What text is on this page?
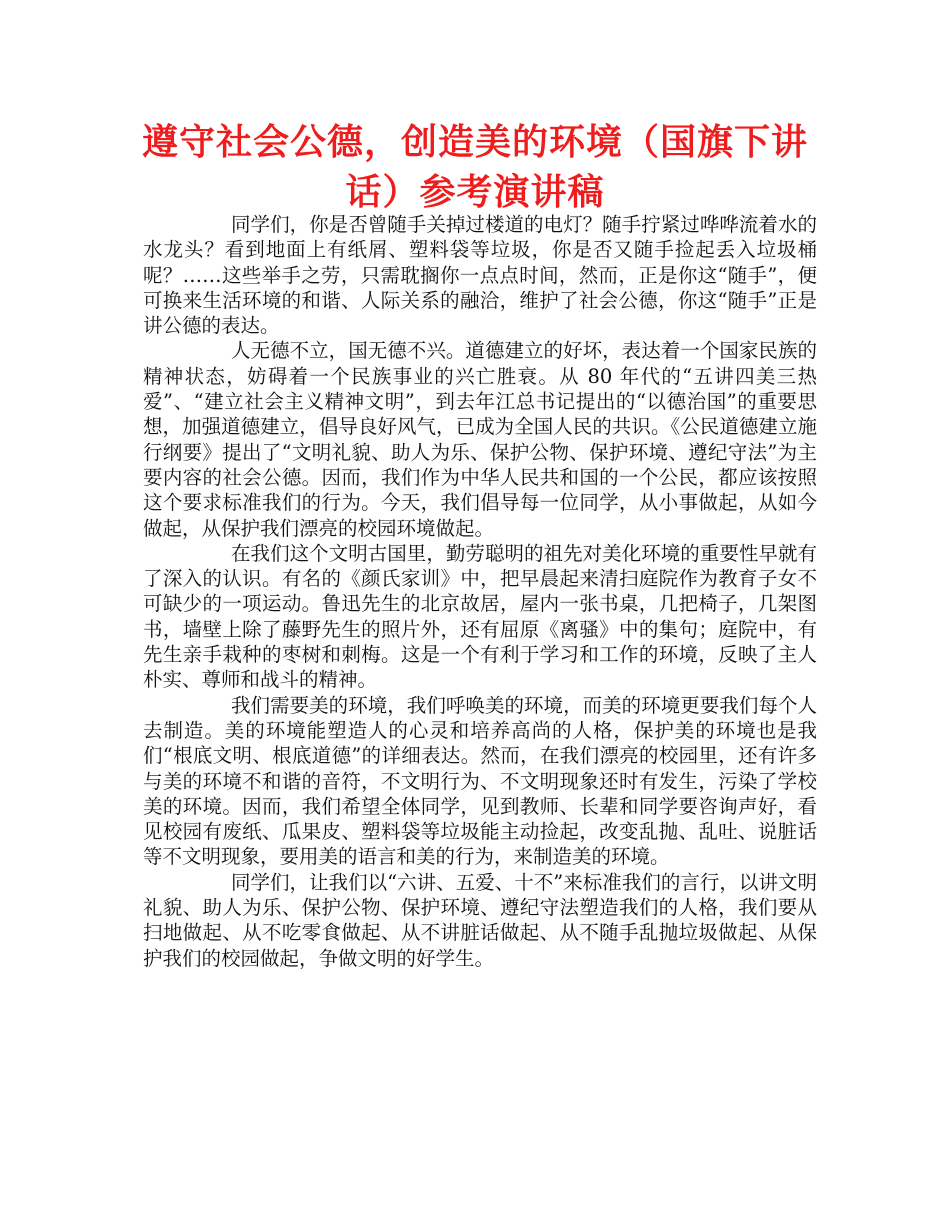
遵守社会公德，创造美的环境（国旗下讲话）参考演讲稿

同学们，你是否曾随手关掉过楼道的电灯？随手拧紧过哗哗流着水的水龙头？看到地面上有纸屑、塑料袋等垃圾，你是否又随手捡起丢入垃圾桶呢？……这些举手之劳，只需耽搁你一点点时间，然而，正是你这“随手”，便可换来生活环境的和谐、人际关系的融洽，维护了社会公德，你这“随手”正是讲公德的表达。

人无德不立，国无德不兴。道德建立的好坏，表达着一个国家民族的精神状态，妨碍着一个民族事业的兴亡胜衰。从 80 年代的“五讲四美三热爱”、“建立社会主义精神文明”，到去年江总书记提出的“以德治国”的重要思想，加强道德建立，倡导良好风气，已成为全国人民的共识。《公民道德建立施行纲要》提出了“文明礼貌、助人为乐、保护公物、保护环境、遵纪守法”为主要内容的社会公德。因而，我们作为中华人民共和国的一个公民，都应该按照这个要求标准我们的行为。今天，我们倡导每一位同学，从小事做起，从如今做起，从保护我们漂亮的校园环境做起。

在我们这个文明古国里，勤劳聪明的祖先对美化环境的重要性早就有了深入的认识。有名的《颜氏家训》中，把早晨起来清扫庭院作为教育子女不可缺少的一项运动。鲁迅先生的北京故居，屋内一张书桌，几把椅子，几架图书，墙壁上除了藤野先生的照片外，还有屈原《离骚》中的集句；庭院中，有先生亲手栽种的枣树和刺梅。这是一个有利于学习和工作的环境，反映了主人朴实、尊师和战斗的精神。

我们需要美的环境，我们呼唤美的环境，而美的环境更要我们每个人去制造。美的环境能塑造人的心灵和培养高尚的人格，保护美的环境也是我们“根底文明、根底道德”的详细表达。然而，在我们漂亮的校园里，还有许多与美的环境不和谐的音符，不文明行为、不文明现象还时有发生，污染了学校美的环境。因而，我们希望全体同学，见到教师、长辈和同学要咨询声好，看见校园有废纸、瓜果皮、塑料袋等垃圾能主动捡起，改变乱抛、乱吐、说脏话等不文明现象，要用美的语言和美的行为，来制造美的环境。

同学们，让我们以“六讲、五爱、十不”来标准我们的言行，以讲文明礼貌、助人为乐、保护公物、保护环境、遵纪守法塑造我们的人格，我们要从扫地做起、从不吃零食做起、从不讲脏话做起、从不随手乱抛垃圾做起、从保护我们的校园做起，争做文明的好学生。
